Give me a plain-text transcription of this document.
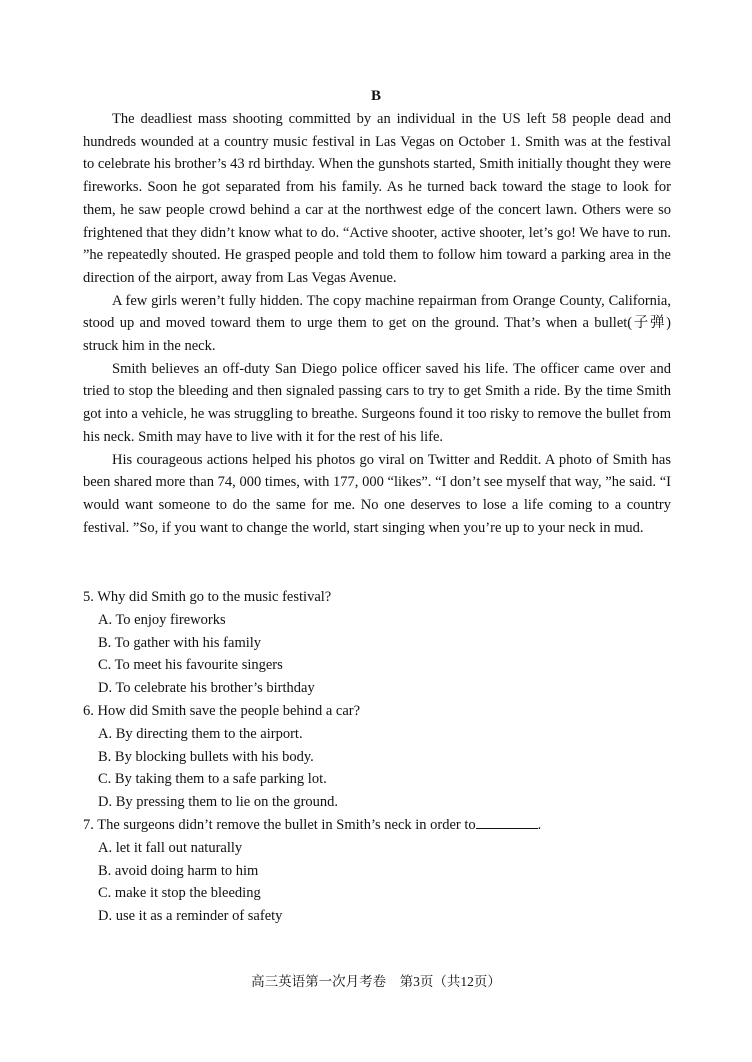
B

The deadliest mass shooting committed by an individual in the US left 58 people dead and hundreds wounded at a country music festival in Las Vegas on October 1. Smith was at the festival to celebrate his brother’s 43 rd birthday. When the gunshots started, Smith initially thought they were fireworks. Soon he got separated from his family. As he turned back toward the stage to look for them, he saw people crowd behind a car at the northwest edge of the concert lawn. Others were so frightened that they didn’t know what to do. “Active shooter, active shooter, let’s go! We have to run. ”he repeatedly shouted. He grasped people and told them to follow him toward a parking area in the direction of the airport, away from Las Vegas Avenue.

A few girls weren’t fully hidden. The copy machine repairman from Orange County, California, stood up and moved toward them to urge them to get on the ground. That’s when a bullet(子弹) struck him in the neck.

Smith believes an off-duty San Diego police officer saved his life. The officer came over and tried to stop the bleeding and then signaled passing cars to try to get Smith a ride. By the time Smith got into a vehicle, he was struggling to breathe. Surgeons found it too risky to remove the bullet from his neck. Smith may have to live with it for the rest of his life.

His courageous actions helped his photos go viral on Twitter and Reddit. A photo of Smith has been shared more than 74, 000 times, with 177, 000 “likes”. “I don’t see myself that way, ”he said. “I would want someone to do the same for me. No one deserves to lose a life coming to a country festival. ”So, if you want to change the world, start singing when you’re up to your neck in mud.

5. Why did Smith go to the music festival?

A. To enjoy fireworks

B. To gather with his family

C. To meet his favourite singers

D. To celebrate his brother’s birthday

6. How did Smith save the people behind a car?

A. By directing them to the airport.

B. By blocking bullets with his body.

C. By taking them to a safe parking lot.

D. By pressing them to lie on the ground.

7. The surgeons didn’t remove the bullet in Smith’s neck in order to	.

A. let it fall out naturally

B. avoid doing harm to him

C. make it stop the bleeding

D. use it as a reminder of safety

高三英语第一次月考卷　第3页（共12页）
